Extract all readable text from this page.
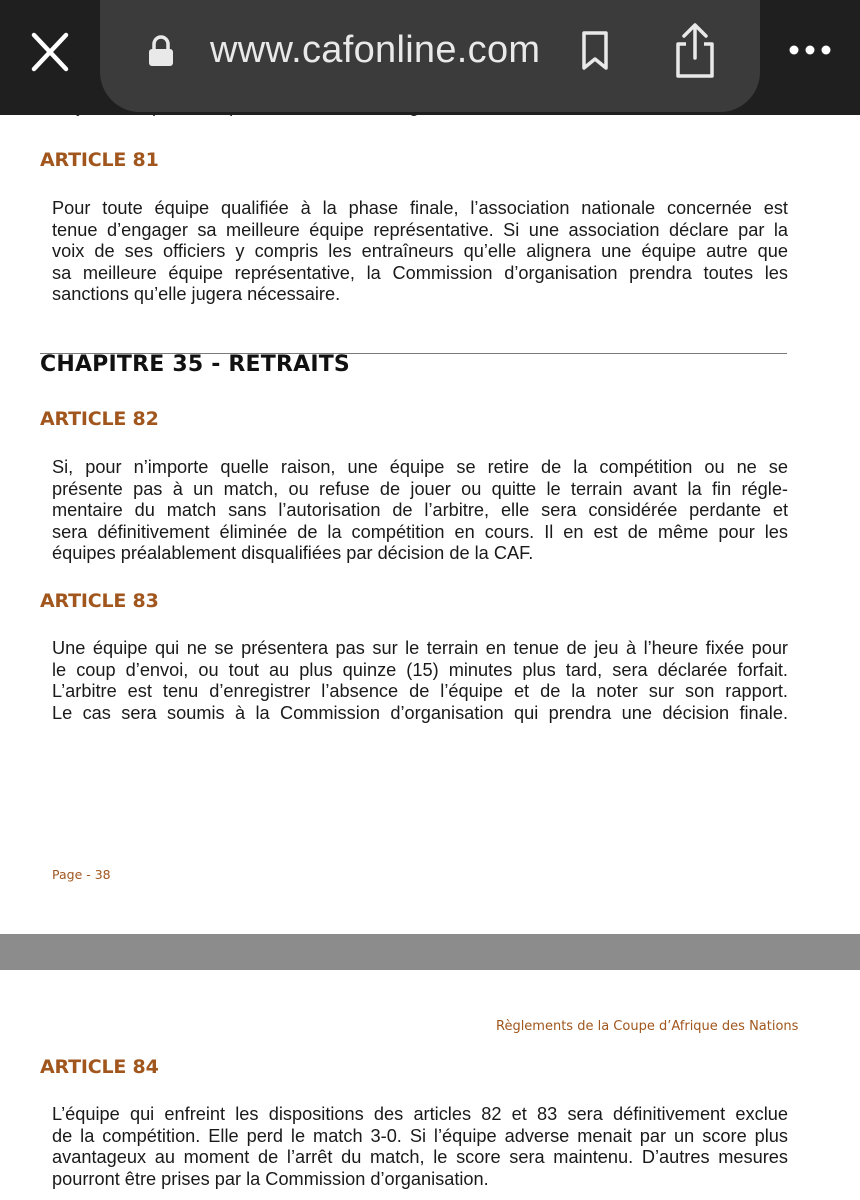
ARTICLE 81
Pour toute équipe qualifiée à la phase finale, l’association nationale concernée est
tenue d’engager sa meilleure équipe représentative. Si une association déclare par la
voix de ses officiers y compris les entraîneurs qu’elle alignera une équipe autre que
sa meilleure équipe représentative, la Commission d’organisation prendra toutes les
sanctions qu’elle jugera nécessaire.
CHAPITRE 35 - RETRAITS
ARTICLE 82
Si, pour n’importe quelle raison, une équipe se retire de la compétition ou ne se
présente pas à un match, ou refuse de jouer ou quitte le terrain avant la fin régle-
mentaire du match sans l’autorisation de l’arbitre, elle sera considérée perdante et
sera définitivement éliminée de la compétition en cours. Il en est de même pour les
équipes préalablement disqualifiées par décision de la CAF.
ARTICLE 83
Une équipe qui ne se présentera pas sur le terrain en tenue de jeu à l’heure fixée pour
le coup d’envoi, ou tout au plus quinze (15) minutes plus tard, sera déclarée forfait.
L’arbitre est tenu d’enregistrer l’absence de l’équipe et de la noter sur son rapport.
Le cas sera soumis à la Commission d’organisation qui prendra une décision finale.
Page - 38
Règlements de la Coupe d’Afrique des Nations
ARTICLE 84
L’équipe qui enfreint les dispositions des articles 82 et 83 sera définitivement exclue
de la compétition. Elle perd le match 3-0. Si l’équipe adverse menait par un score plus
avantageux au moment de l’arrêt du match, le score sera maintenu. D’autres mesures
pourront être prises par la Commission d’organisation.
www.cafonline.com
